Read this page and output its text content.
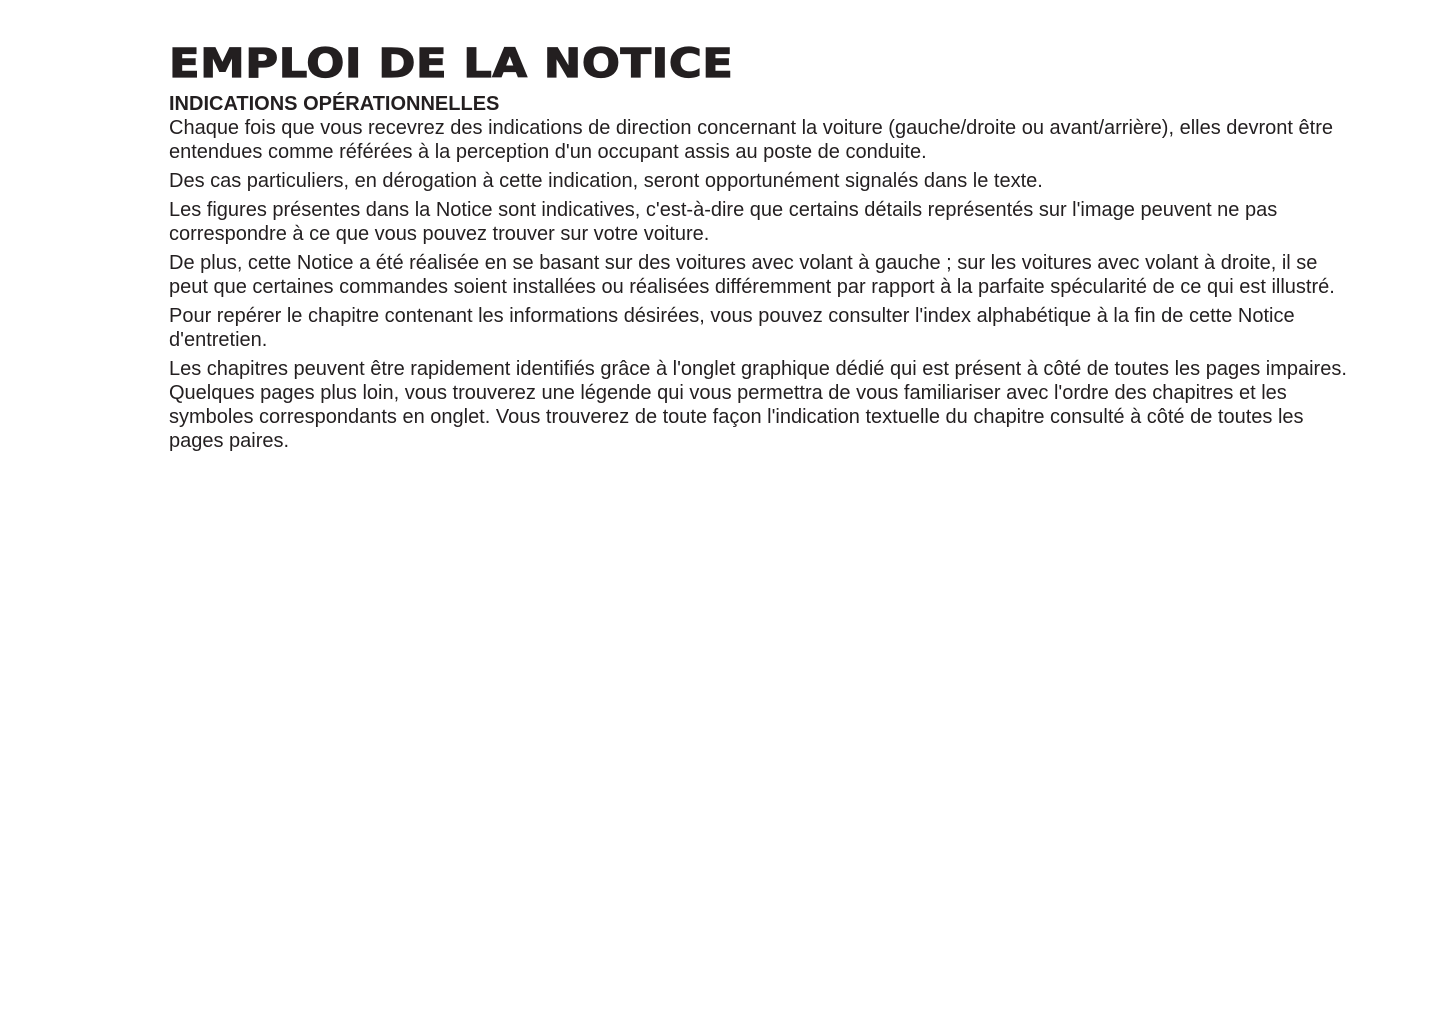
EMPLOI DE LA NOTICE
INDICATIONS OPÉRATIONNELLES

Chaque fois que vous recevrez des indications de direction concernant la voiture (gauche/droite ou avant/arrière), elles devront être entendues comme référées à la perception d'un occupant assis au poste de conduite.

Des cas particuliers, en dérogation à cette indication, seront opportunément signalés dans le texte.

Les figures présentes dans la Notice sont indicatives, c'est-à-dire que certains détails représentés sur l'image peuvent ne pas correspondre à ce que vous pouvez trouver sur votre voiture.

De plus, cette Notice a été réalisée en se basant sur des voitures avec volant à gauche ; sur les voitures avec volant à droite, il se peut que certaines commandes soient installées ou réalisées différemment par rapport à la parfaite spécularité de ce qui est illustré.

Pour repérer le chapitre contenant les informations désirées, vous pouvez consulter l'index alphabétique à la fin de cette Notice d'entretien.

Les chapitres peuvent être rapidement identifiés grâce à l'onglet graphique dédié qui est présent à côté de toutes les pages impaires. Quelques pages plus loin, vous trouverez une légende qui vous permettra de vous familiariser avec l'ordre des chapitres et les symboles correspondants en onglet. Vous trouverez de toute façon l'indication textuelle du chapitre consulté à côté de toutes les pages paires.
